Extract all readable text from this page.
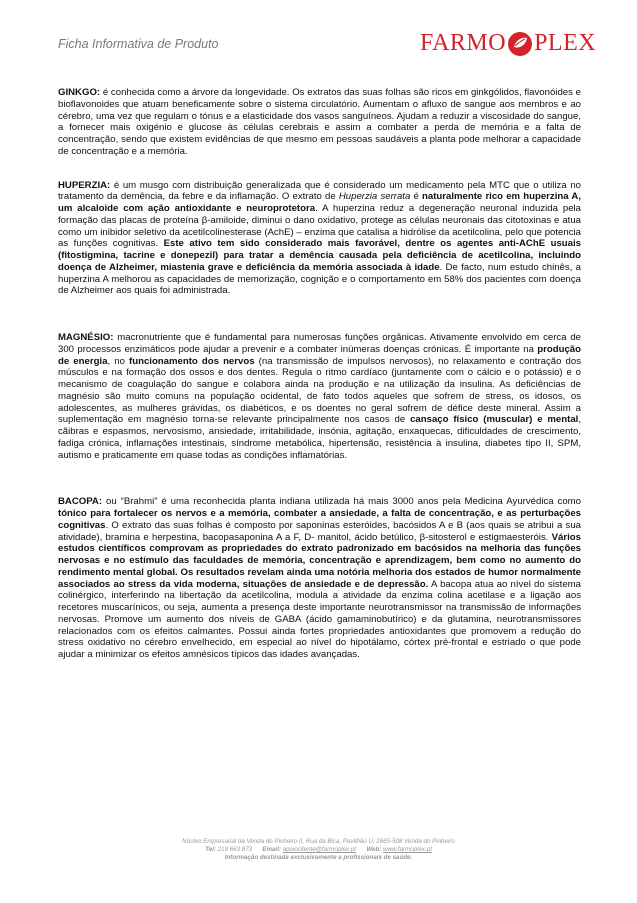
Ficha Informativa de Produto	FARMO PLEX

GINKGO: é conhecida como a árvore da longevidade. Os extratos das suas folhas são ricos em ginkgólidos, flavonóides e bioflavonoides que atuam beneficamente sobre o sistema circulatório. Aumentam o afluxo de sangue aos membros e ao cérebro, uma vez que regulam o tónus e a elasticidade dos vasos sanguíneos. Ajudam a reduzir a viscosidade do sangue, a fornecer mais oxigénio e glucose às células cerebrais e assim a combater a perda de memória e a falta de concentração, sendo que existem evidências de que mesmo em pessoas saudáveis a planta pode melhorar a capacidade de concentração e a memória.

HUPERZIA: é um musgo com distribuição generalizada que é considerado um medicamento pela MTC que o utiliza no tratamento da demência, da febre e da inflamação. O extrato de Huperzia serrata é naturalmente rico em huperzina A, um alcaloide com ação antioxidante e neuroprotetora. A huperzina reduz a degeneração neuronal induzida pela formação das placas de proteína β-amiloide, diminui o dano oxidativo, protege as células neuronais das citotoxinas e atua como um inibidor seletivo da acetilcolinesterase (AchE) – enzima que catalisa a hidrólise da acetilcolina, pelo que potencia as funções cognitivas. Este ativo tem sido considerado mais favorável, dentre os agentes anti-AChE usuais (fitostigmina, tacrine e donepezil) para tratar a demência causada pela deficiência de acetilcolina, incluindo doença de Alzheimer, miastenia grave e deficiência da memória associada à idade. De facto, num estudo chinês, a huperzina A melhorou as capacidades de memorização, cognição e o comportamento em 58% dos pacientes com doença de Alzheimer aos quais foi administrada.

MAGNÉSIO: macronutriente que é fundamental para numerosas funções orgânicas. Ativamente envolvido em cerca de 300 processos enzimáticos pode ajudar a prevenir e a combater inúmeras doenças crónicas. É importante na produção de energia, no funcionamento dos nervos (na transmissão de impulsos nervosos), no relaxamento e contração dos músculos e na formação dos ossos e dos dentes. Regula o ritmo cardíaco (juntamente com o cálcio e o potássio) e o mecanismo de coagulação do sangue e colabora ainda na produção e na utilização da insulina. As deficiências de magnésio são muito comuns na população ocidental, de fato todos aqueles que sofrem de stress, os idosos, os adolescentes, as mulheres grávidas, os diabéticos, e os doentes no geral sofrem de défice deste mineral. Assim a suplementação em magnésio torna-se relevante principalmente nos casos de cansaço físico (muscular) e mental, cãibras e espasmos, nervosismo, ansiedade, irritabilidade, insónia, agitação, enxaquecas, dificuldades de crescimento, fadiga crónica, inflamações intestinais, síndrome metabólica, hipertensão, resistência à insulina, diabetes tipo II, SPM, autismo e praticamente em quase todas as condições inflamatórias.

BACOPA: ou “Brahmi” é uma reconhecida planta indiana utilizada há mais 3000 anos pela Medicina Ayurvédica como tónico para fortalecer os nervos e a memória, combater a ansiedade, a falta de concentração, e as perturbações cognitivas. O extrato das suas folhas é composto por saponinas esteróides, bacósidos A e B (aos quais se atribui a sua atividade), bramina e herpestina, bacopasaponina A a F, D- manitol, ácido betúlico, β-sitosterol e estigmaesteróis. Vários estudos científicos comprovam as propriedades do extrato padronizado em bacósidos na melhoria das funções nervosas e no estímulo das faculdades de memória, concentração e aprendizagem, bem como no aumento do rendimento mental global. Os resultados revelam ainda uma notória melhoria dos estados de humor normalmente associados ao stress da vida moderna, situações de ansiedade e de depressão. A bacopa atua ao nível do sistema colinérgico, interferindo na libertação da acetilcolina, modula a atividade da enzima colina acetilase e a ligação aos recetores muscarínicos, ou seja, aumenta a presença deste importante neurotransmissor na transmissão de informações nervosas. Promove um aumento dos níveis de GABA (ácido gamaminobutírico) e da glutamina, neurotransmissores relacionados com os efeitos calmantes. Possui ainda fortes propriedades antioxidantes que promovem a redução do stress oxidativo no cérebro envelhecido, em especial ao nível do hipotálamo, córtex pré-frontal e estriado o que pode ajudar a minimizar os efeitos amnésicos típicos das idades avançadas.

Núcleo Empresarial da Venda do Pinheiro II, Rua da Bica, Pavilhão U, 2665-508 Venda do Pinheiro
Tel: 219 663 873 Email: apoiocliente@farmoplex.pt Web: www.farmoplex.pt
Informação destinada exclusivamente a profissionais de saúde.
